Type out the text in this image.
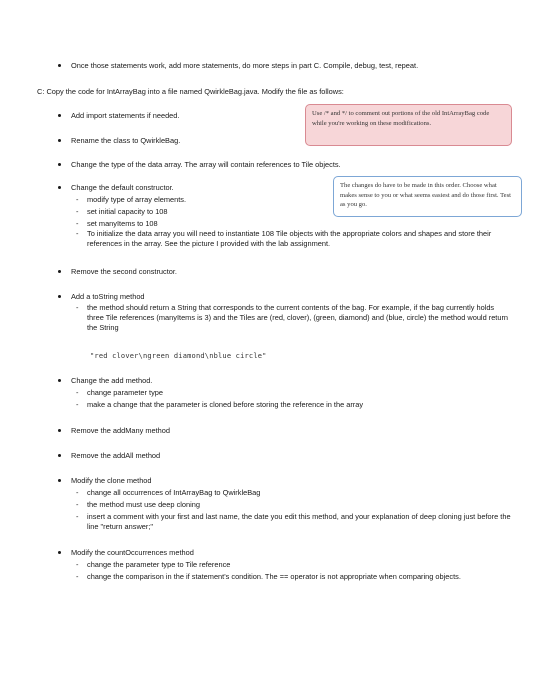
Once those statements work, add more statements, do more steps in part C. Compile, debug, test, repeat.
C: Copy the code for IntArrayBag into a file named QwirkleBag.java. Modify the file as follows:
Use /* and */ to comment out portions of the old IntArrayBag code while you're working on these modifications.
Add import statements if needed.
Rename the class to QwirkleBag.
Change the type of the data array. The array will contain references to Tile objects.
The changes do have to be made in this order. Choose what makes sense to you or what seems easiest and do those first. Test as you go.
Change the default constructor.
- modify type of array elements.
- set initial capacity to 108
- set manyItems to 108
- To initialize the data array you will need to instantiate 108 Tile objects with the appropriate colors and shapes and store their references in the array. See the picture I provided with the lab assignment.
Remove the second constructor.
Add a toString method
- the method should return a String that corresponds to the current contents of the bag. For example, if the bag currently holds three Tile references (manyItems is 3) and the Tiles are (red, clover), (green, diamond) and (blue, circle) the method would return the String
"red clover\ngreen diamond\nblue circle"
Change the add method.
- change parameter type
- make a change that the parameter is cloned before storing the reference in the array
Remove the addMany method
Remove the addAll method
Modify the clone method
- change all occurrences of IntArrayBag to QwirkleBag
- the method must use deep cloning
- insert a comment with your first and last name, the date you edit this method, and your explanation of deep cloning just before the line "return answer;"
Modify the countOccurrences method
- change the parameter type to Tile reference
- change the comparison in the if statement's condition. The == operator is not appropriate when comparing objects.
